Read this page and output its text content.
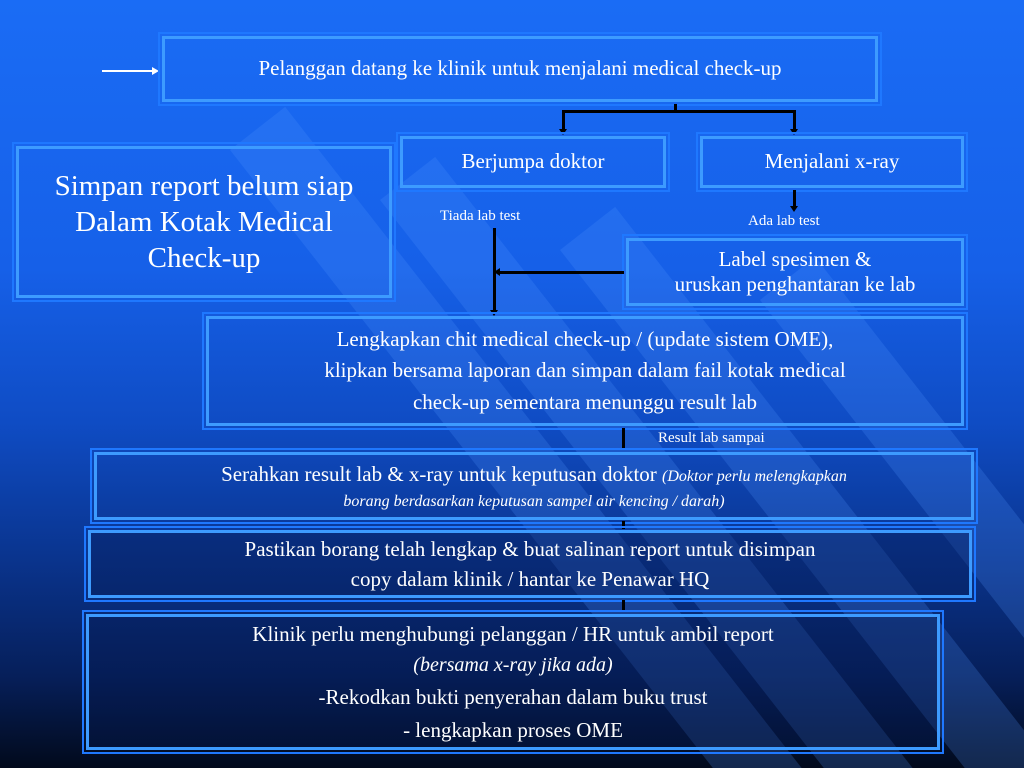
Pelanggan datang ke klinik untuk menjalani medical check-up
Simpan report belum siap
Dalam Kotak Medical
Check-up
Berjumpa doktor	Menjalani x-ray
Tiada lab test	Ada lab test
Label spesimen &
uruskan penghantaran ke lab
Lengkapkan chit medical check-up / (update sistem OME),
klipkan bersama laporan dan simpan dalam fail kotak medical
check-up sementara menunggu result lab
Result lab sampai
Serahkan result lab & x-ray untuk keputusan doktor (Doktor perlu melengkapkan
borang berdasarkan keputusan sampel air kencing / darah)
Pastikan borang telah lengkap & buat salinan report untuk disimpan
copy dalam klinik / hantar ke Penawar HQ
Klinik perlu menghubungi pelanggan / HR untuk ambil report
(bersama x-ray jika ada)
-Rekodkan bukti penyerahan dalam buku trust
- lengkapkan proses OME
